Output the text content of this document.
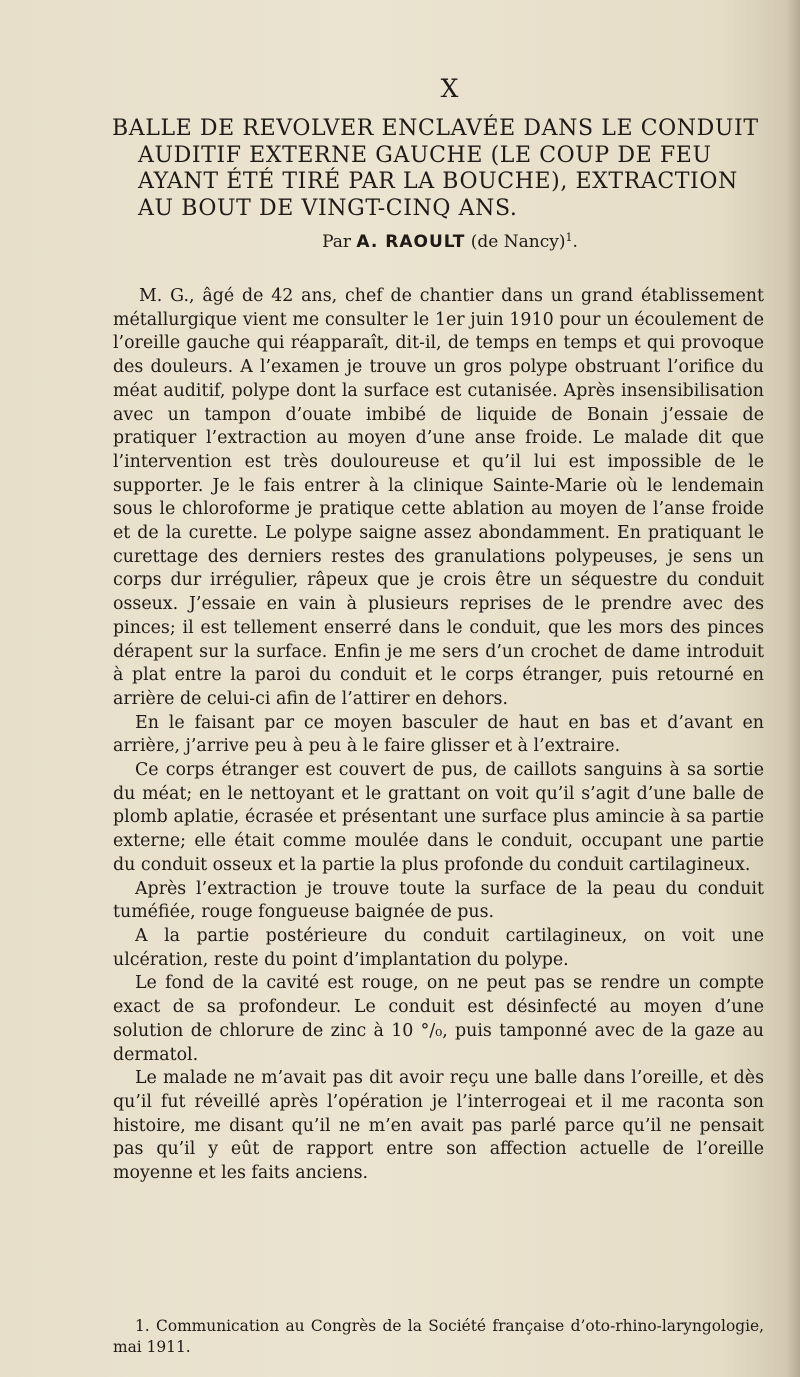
X
BALLE DE REVOLVER ENCLAVÉE DANS LE CONDUIT
AUDITIF EXTERNE GAUCHE (LE COUP DE FEU
AYANT ÉTÉ TIRÉ PAR LA BOUCHE), EXTRACTION
AU BOUT DE VINGT-CINQ ANS.
Par A. RAOULT (de Nancy)$^1$.

M. G., âgé de 42 ans, chef de chantier dans un grand établissement métallurgique vient me consulter le 1er juin 1910 pour un écoulement de l’oreille gauche qui réapparaît, dit-il, de temps en temps et qui provoque des douleurs. A l’examen je trouve un gros polype obstruant l’orifice du méat auditif, polype dont la surface est cutanisée. Après insensibilisation avec un tampon d’ouate imbibé de liquide de Bonain j’essaie de pratiquer l’extraction au moyen d’une anse froide. Le malade dit que l’intervention est très douloureuse et qu’il lui est impossible de le supporter. Je le fais entrer à la clinique Sainte-Marie où le lendemain sous le chloroforme je pratique cette ablation au moyen de l’anse froide et de la curette. Le polype saigne assez abondamment. En pratiquant le curettage des derniers restes des granulations polypeuses, je sens un corps dur irrégulier, râpeux que je crois être un séquestre du conduit osseux. J’essaie en vain à plusieurs reprises de le prendre avec des pinces; il est tellement enserré dans le conduit, que les mors des pinces dérapent sur la surface. Enfin je me sers d’un crochet de dame introduit à plat entre la paroi du conduit et le corps étranger, puis retourné en arrière de celui-ci afin de l’attirer en dehors.

En le faisant par ce moyen basculer de haut en bas et d’avant en arrière, j’arrive peu à peu à le faire glisser et à l’extraire.

Ce corps étranger est couvert de pus, de caillots sanguins à sa sortie du méat; en le nettoyant et le grattant on voit qu’il s’agit d’une balle de plomb aplatie, écrasée et présentant une surface plus amincie à sa partie externe; elle était comme moulée dans le conduit, occupant une partie du conduit osseux et la partie la plus profonde du conduit cartilagineux.

Après l’extraction je trouve toute la surface de la peau du conduit tuméfiée, rouge fongueuse baignée de pus.

A la partie postérieure du conduit cartilagineux, on voit une ulcération, reste du point d’implantation du polype.

Le fond de la cavité est rouge, on ne peut pas se rendre un compte exact de sa profondeur. Le conduit est désinfecté au moyen d’une solution de chlorure de zinc à 10 °/₀, puis tamponné avec de la gaze au dermatol.

Le malade ne m’avait pas dit avoir reçu une balle dans l’oreille, et dès qu’il fut réveillé après l’opération je l’interrogeai et il me raconta son histoire, me disant qu’il ne m’en avait pas parlé parce qu’il ne pensait pas qu’il y eût de rapport entre son affection actuelle de l’oreille moyenne et les faits anciens.

1. Communication au Congrès de la Société française d’oto-rhino-laryngologie, mai 1911.
